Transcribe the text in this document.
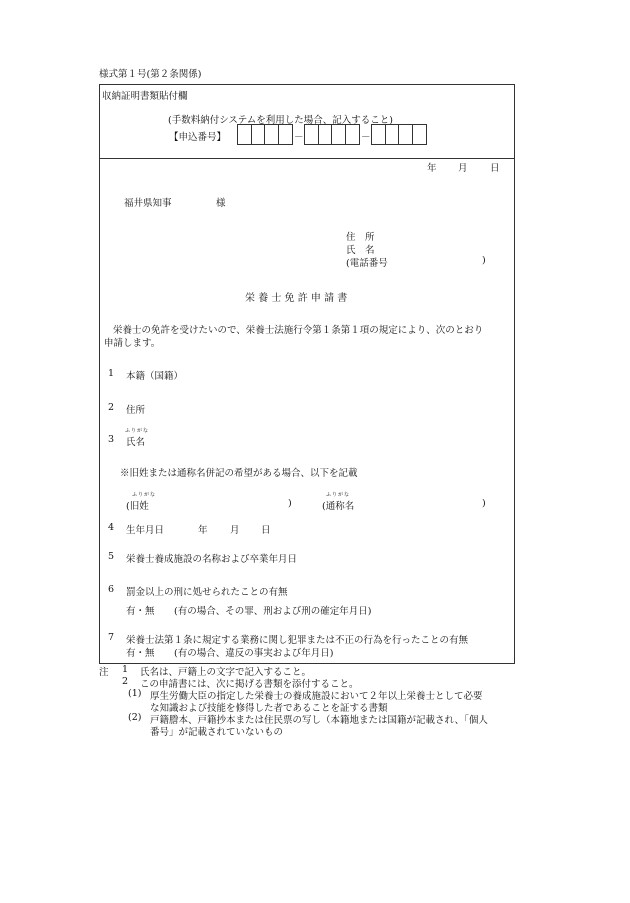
様式第１号(第２条関係)
収納証明書類貼付欄
(手数料納付システムを利用した場合、記入すること)
【申込番号】	－	－
年 月 日
福井県知事	様
住　所
氏　名
(電話番号	)
栄 養 士 免 許 申 請 書
栄養士の免許を受けたいので、栄養士法施行令第１条第１項の規定により、次のとおり
申請します。
1 本籍（国籍）
2 住所
ふりがな
3 氏名
※旧姓または通称名併記の希望がある場合、以下を記載
ふりがな
(旧姓	)
ふりがな
(通称名	)
4 生年月日	年 月 日
5 栄養士養成施設の名称および卒業年月日
6 罰金以上の刑に処せられたことの有無
有・無 (有の場合、その罪、刑および刑の確定年月日)
7 栄養士法第１条に規定する業務に関し犯罪または不正の行為を行ったことの有無
有・無 (有の場合、違反の事実および年月日)
注 1 氏名は、戸籍上の文字で記入すること。
2 この申請書には、次に掲げる書類を添付すること。
(1) 厚生労働大臣の指定した栄養士の養成施設において２年以上栄養士として必要
な知識および技能を修得した者であることを証する書類
(2) 戸籍謄本、戸籍抄本または住民票の写し（本籍地または国籍が記載され、「個人
番号」が記載されていないもの
